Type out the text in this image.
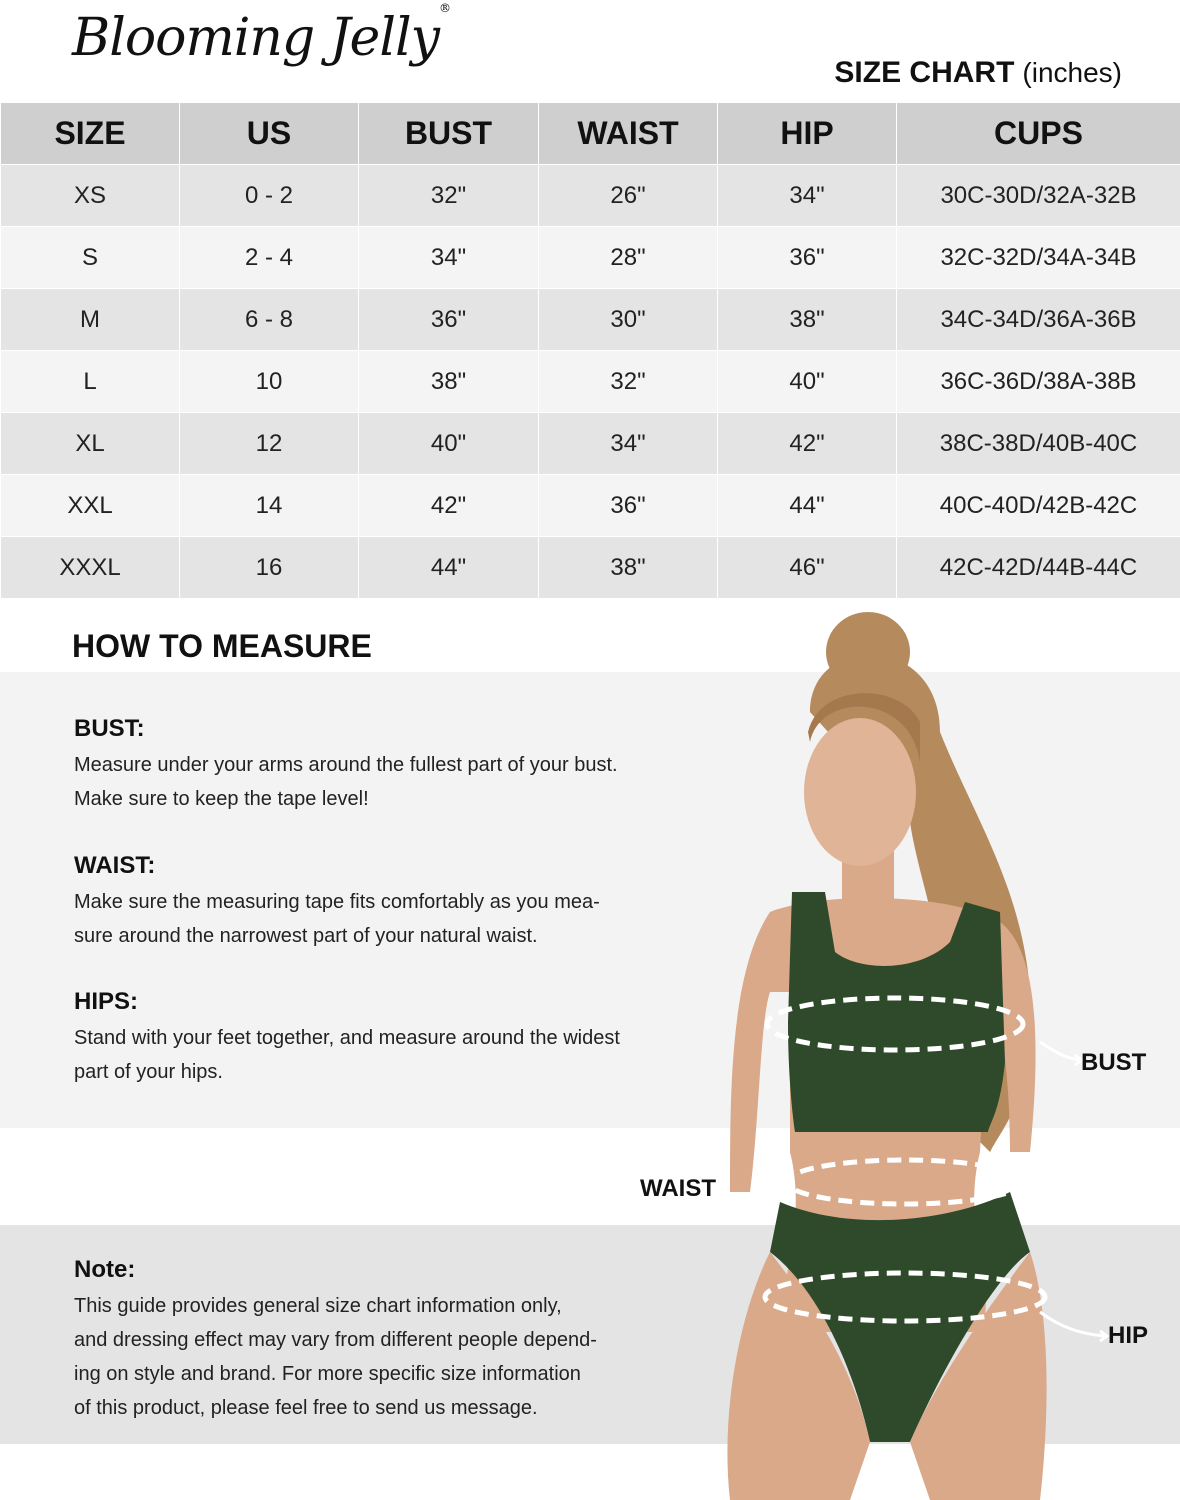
Blooming Jelly®
SIZE CHART (inches)
SIZE	US	BUST	WAIST	HIP	CUPS
XS	0 - 2	32"	26"	34"	30C-30D/32A-32B
S	2 - 4	34"	28"	36"	32C-32D/34A-34B
M	6 - 8	36"	30"	38"	34C-34D/36A-36B
L	10	38"	32"	40"	36C-36D/38A-38B
XL	12	40"	34"	42"	38C-38D/40B-40C
XXL	14	42"	36"	44"	40C-40D/42B-42C
XXXL	16	44"	38"	46"	42C-42D/44B-44C
HOW TO MEASURE
BUST:

Measure under your arms around the fullest part of your bust.
Make sure to keep the tape level!

WAIST:

Make sure the measuring tape fits comfortably as you mea-
sure around the narrowest part of your natural waist.

HIPS:

Stand with your feet together, and measure around the widest
part of your hips.

Note:

This guide provides general size chart information only,
and dressing effect may vary from different people depend-
ing on style and brand. For more specific size information
of this product, please feel free to send us message.

BUST
WAIST
HIP
